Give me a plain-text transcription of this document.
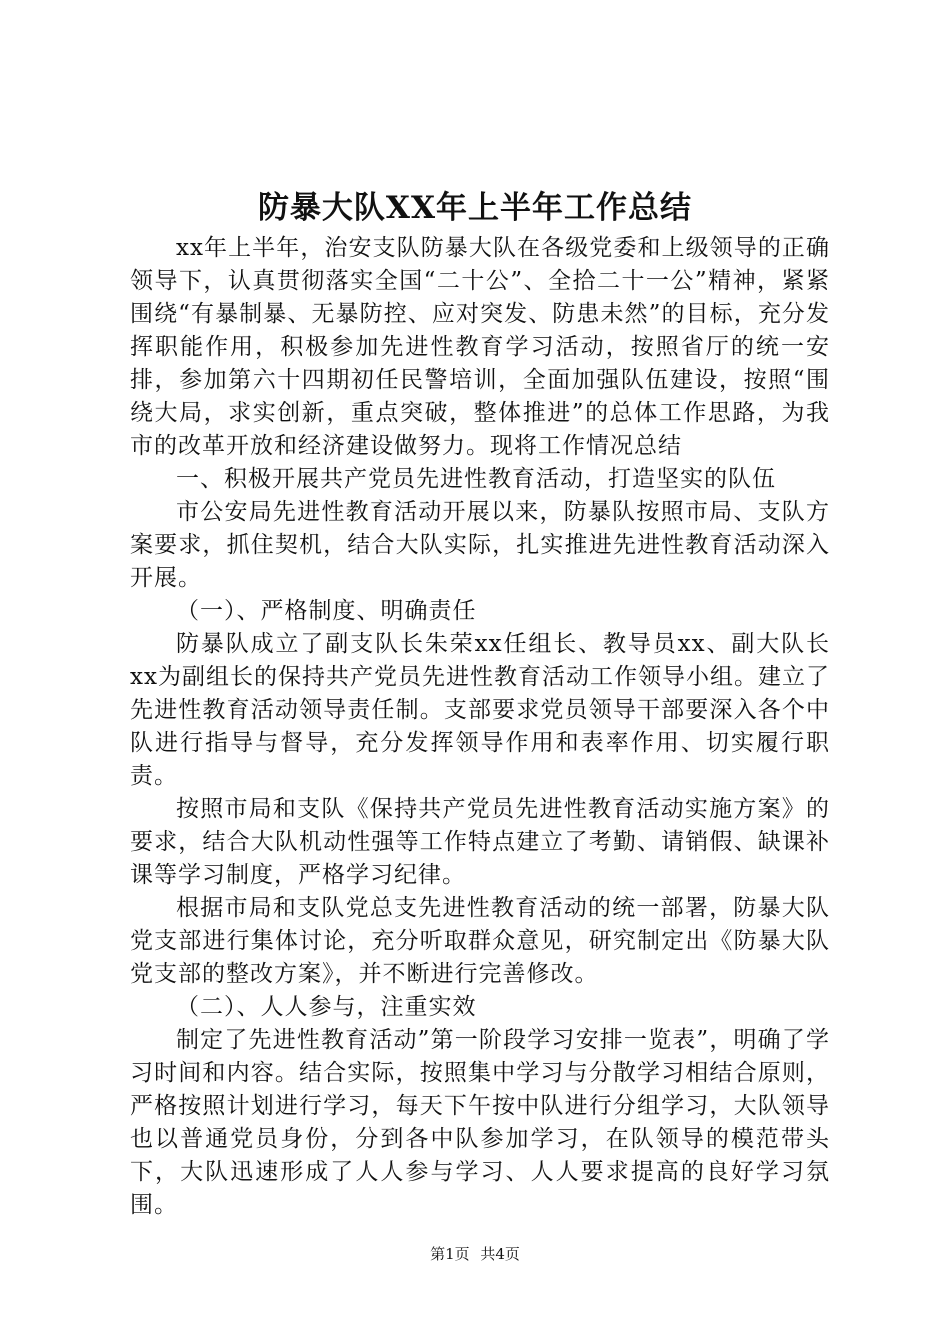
防暴大队XX年上半年工作总结

xx年上半年，治安支队防暴大队在各级党委和上级领导的正确领导下，认真贯彻落实全国“二十公”、全拾二十一公”精神，紧紧围绕“有暴制暴、无暴防控、应对突发、防患未然”的目标，充分发挥职能作用，积极参加先进性教育学习活动，按照省厅的统一安排，参加第六十四期初任民警培训，全面加强队伍建设，按照“围绕大局，求实创新，重点突破，整体推进”的总体工作思路，为我市的改革开放和经济建设做努力。现将工作情况总结

一、积极开展共产党员先进性教育活动，打造坚实的队伍

市公安局先进性教育活动开展以来，防暴队按照市局、支队方案要求，抓住契机，结合大队实际，扎实推进先进性教育活动深入开展。

（一）、严格制度、明确责任

防暴队成立了副支队长朱荣xx任组长、教导员xx、副大队长xx为副组长的保持共产党员先进性教育活动工作领导小组。建立了先进性教育活动领导责任制。支部要求党员领导干部要深入各个中队进行指导与督导，充分发挥领导作用和表率作用、切实履行职责。

按照市局和支队《保持共产党员先进性教育活动实施方案》的要求，结合大队机动性强等工作特点建立了考勤、请销假、缺课补课等学习制度，严格学习纪律。

根据市局和支队党总支先进性教育活动的统一部署，防暴大队党支部进行集体讨论，充分听取群众意见，研究制定出《防暴大队党支部的整改方案》，并不断进行完善修改。

（二）、人人参与，注重实效

制定了先进性教育活动”第一阶段学习安排一览表”，明确了学习时间和内容。结合实际，按照集中学习与分散学习相结合原则，严格按照计划进行学习，每天下午按中队进行分组学习，大队领导也以普通党员身份，分到各中队参加学习，在队领导的模范带头下，大队迅速形成了人人参与学习、人人要求提高的良好学习氛围。

第1页 共4页
